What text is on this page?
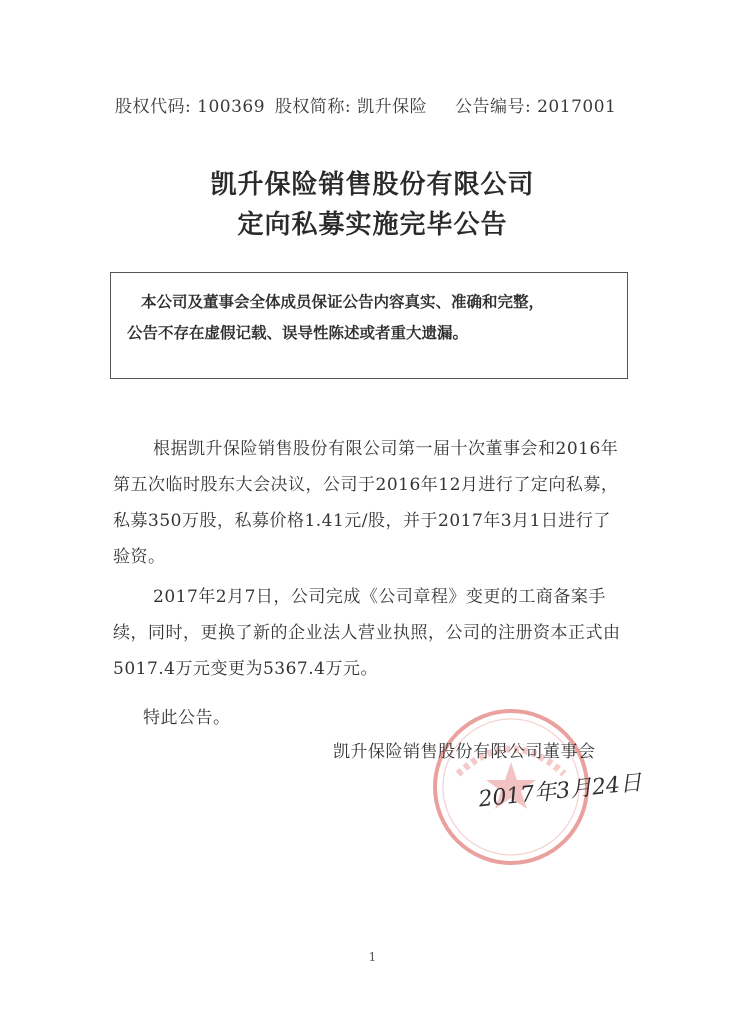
股权代码: 100369 股权简称: 凯升保险 公告编号: 2017001
凯升保险销售股份有限公司
定向私募实施完毕公告
本公司及董事会全体成员保证公告内容真实、准确和完整，
公告不存在虚假记载、误导性陈述或者重大遗漏。
根据凯升保险销售股份有限公司第一届十次董事会和2016年第五次临时股东大会决议，公司于2016年12月进行了定向私募，私募350万股，私募价格1.41元/股，并于2017年3月1日进行了验资。
2017年2月7日，公司完成《公司章程》变更的工商备案手续，同时，更换了新的企业法人营业执照，公司的注册资本正式由5017.4万元变更为5367.4万元。
特此公告。
凯升保险销售股份有限公司董事会
2017年3月24日
1
